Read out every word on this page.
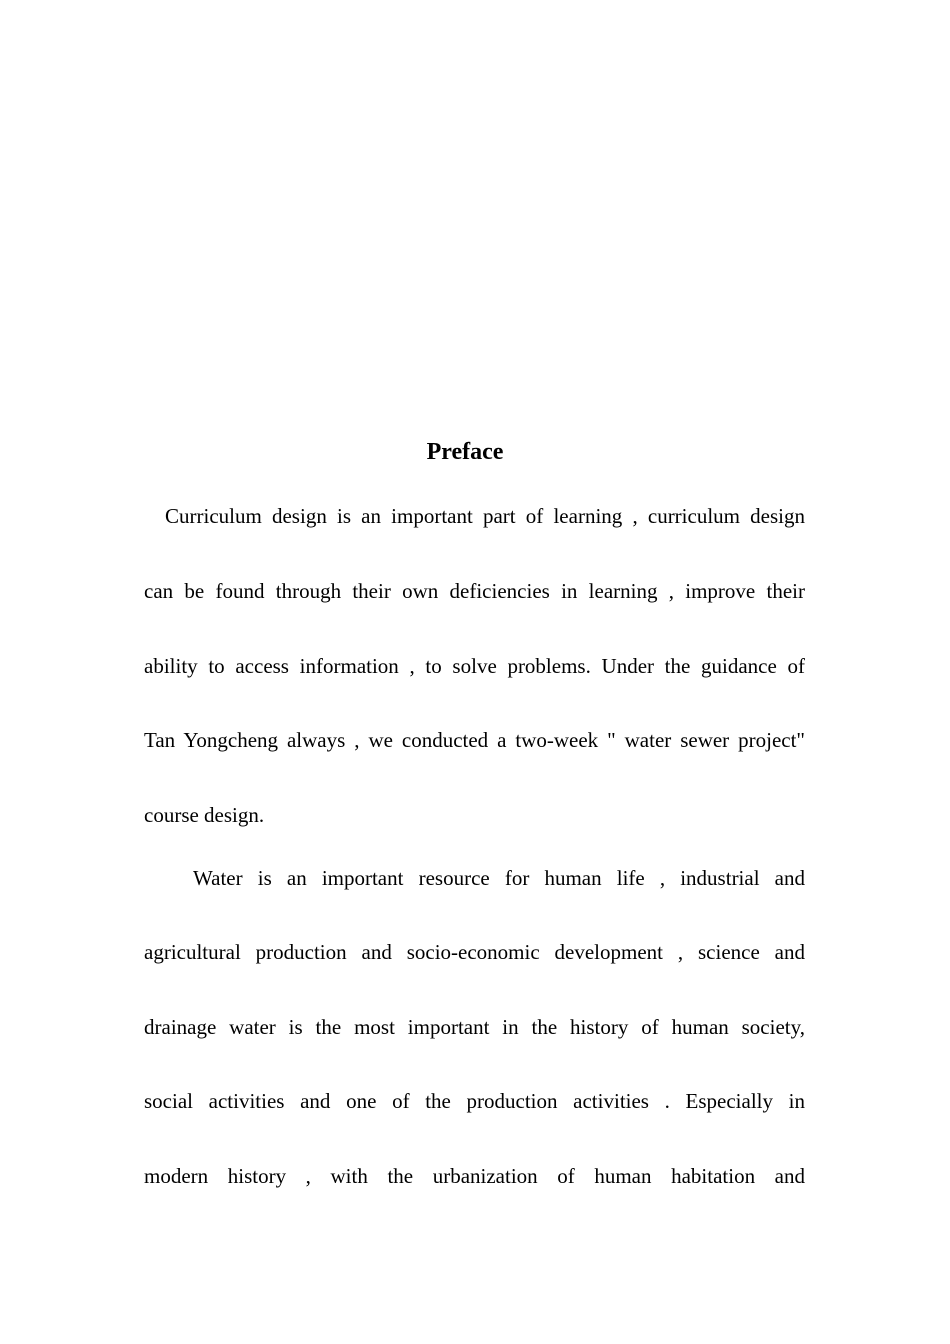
Preface
Curriculum design is an important part of learning , curriculum design
can be found through their own deficiencies in learning , improve their
ability to access information , to solve problems. Under the guidance of
Tan Yongcheng always , we conducted a two-week " water sewer project"
course design.
Water is an important resource for human life , industrial and
agricultural production and socio-economic development , science and
drainage water is the most important in the history of human society,
social activities and one of the production activities . Especially in
modern history , with the urbanization of human habitation and
